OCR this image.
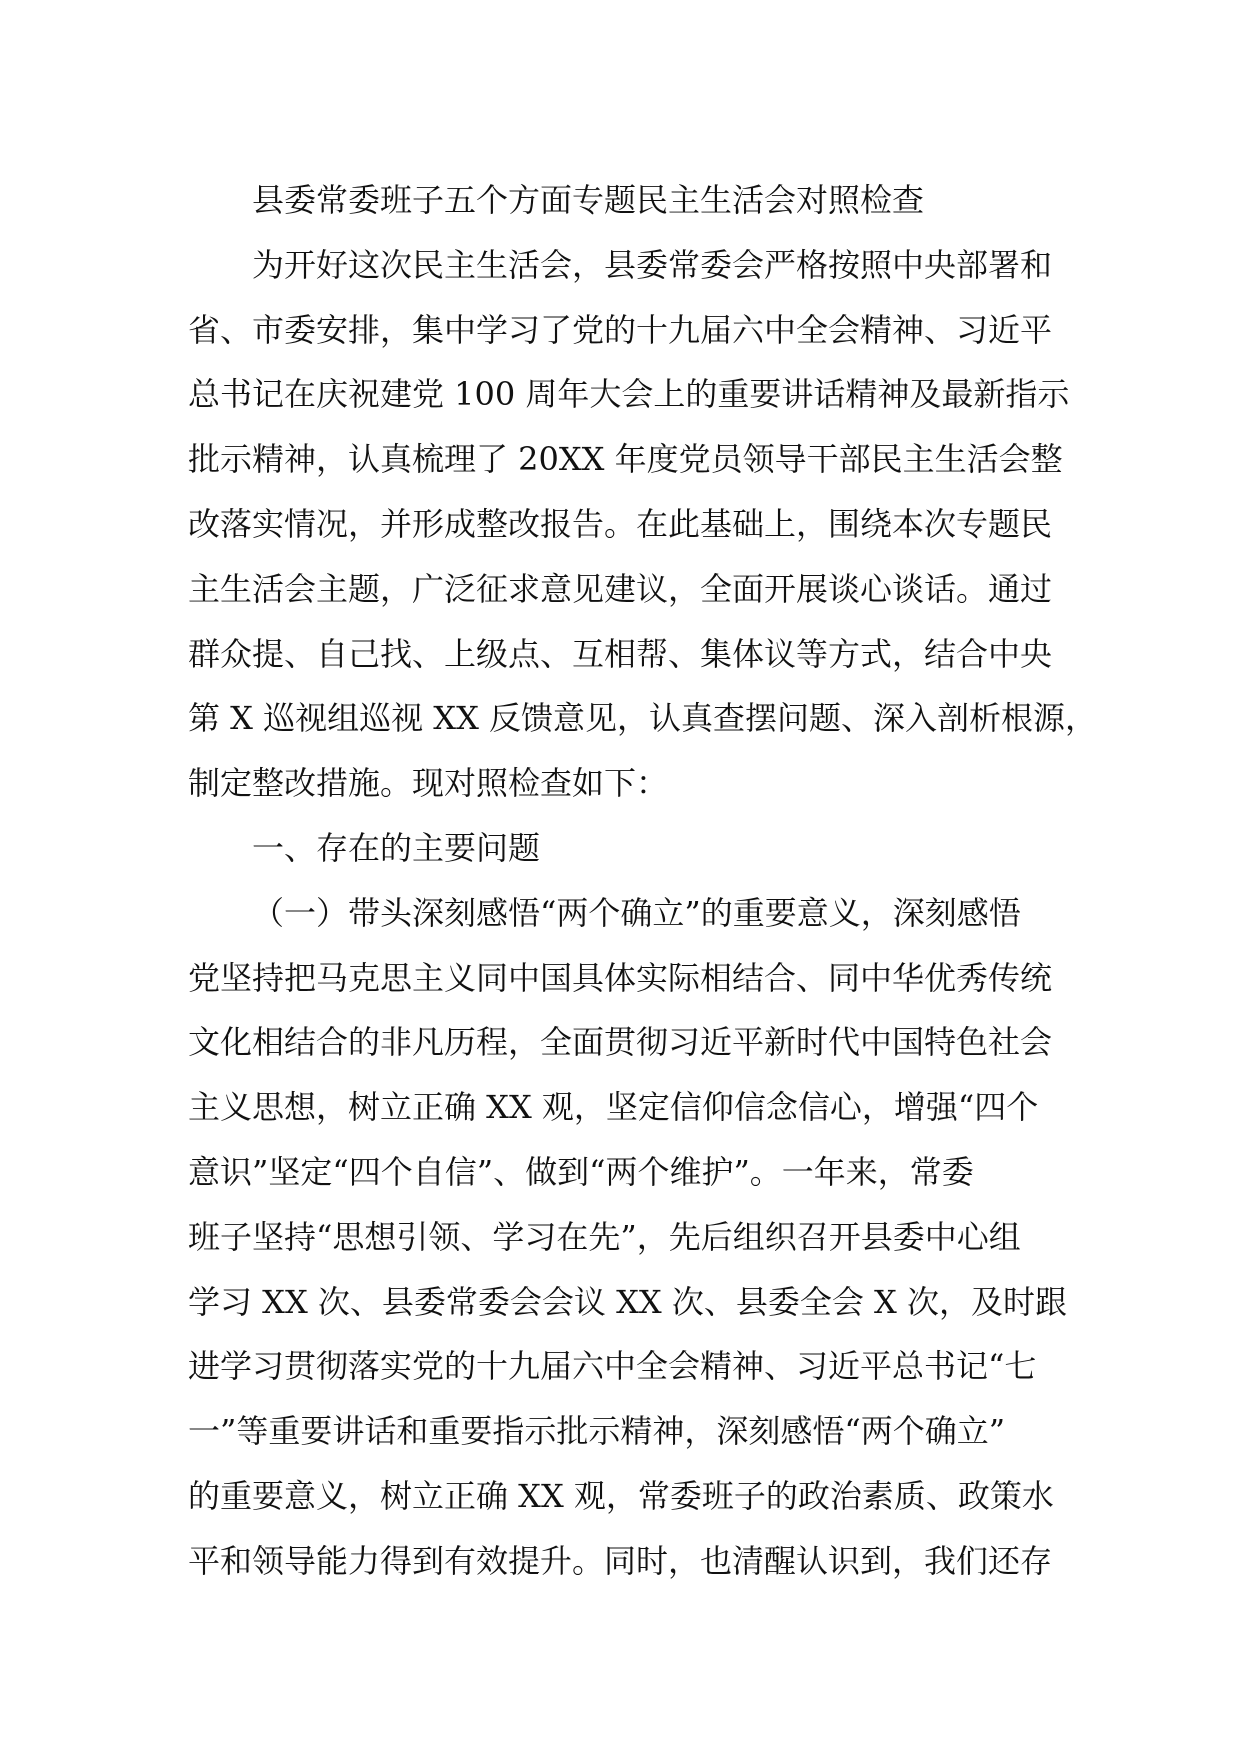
县委常委班子五个方面专题民主生活会对照检查
为开好这次民主生活会，县委常委会严格按照中央部署和
省、市委安排，集中学习了党的十九届六中全会精神、习近平
总书记在庆祝建党 100 周年大会上的重要讲话精神及最新指示
批示精神，认真梳理了 20XX 年度党员领导干部民主生活会整
改落实情况，并形成整改报告。在此基础上，围绕本次专题民
主生活会主题，广泛征求意见建议，全面开展谈心谈话。通过
群众提、自己找、上级点、互相帮、集体议等方式，结合中央
第 X 巡视组巡视 XX 反馈意见，认真查摆问题、深入剖析根源，
制定整改措施。现对照检查如下：
一、存在的主要问题
（一）带头深刻感悟“两个确立”的重要意义，深刻感悟
党坚持把马克思主义同中国具体实际相结合、同中华优秀传统
文化相结合的非凡历程，全面贯彻习近平新时代中国特色社会
主义思想，树立正确 XX 观，坚定信仰信念信心，增强“四个
意识”坚定“四个自信”、做到“两个维护”。一年来，常委
班子坚持“思想引领、学习在先”，先后组织召开县委中心组
学习 XX 次、县委常委会会议 XX 次、县委全会 X 次，及时跟
进学习贯彻落实党的十九届六中全会精神、习近平总书记“七
一”等重要讲话和重要指示批示精神，深刻感悟“两个确立”
的重要意义，树立正确 XX 观，常委班子的政治素质、政策水
平和领导能力得到有效提升。同时，也清醒认识到，我们还存
